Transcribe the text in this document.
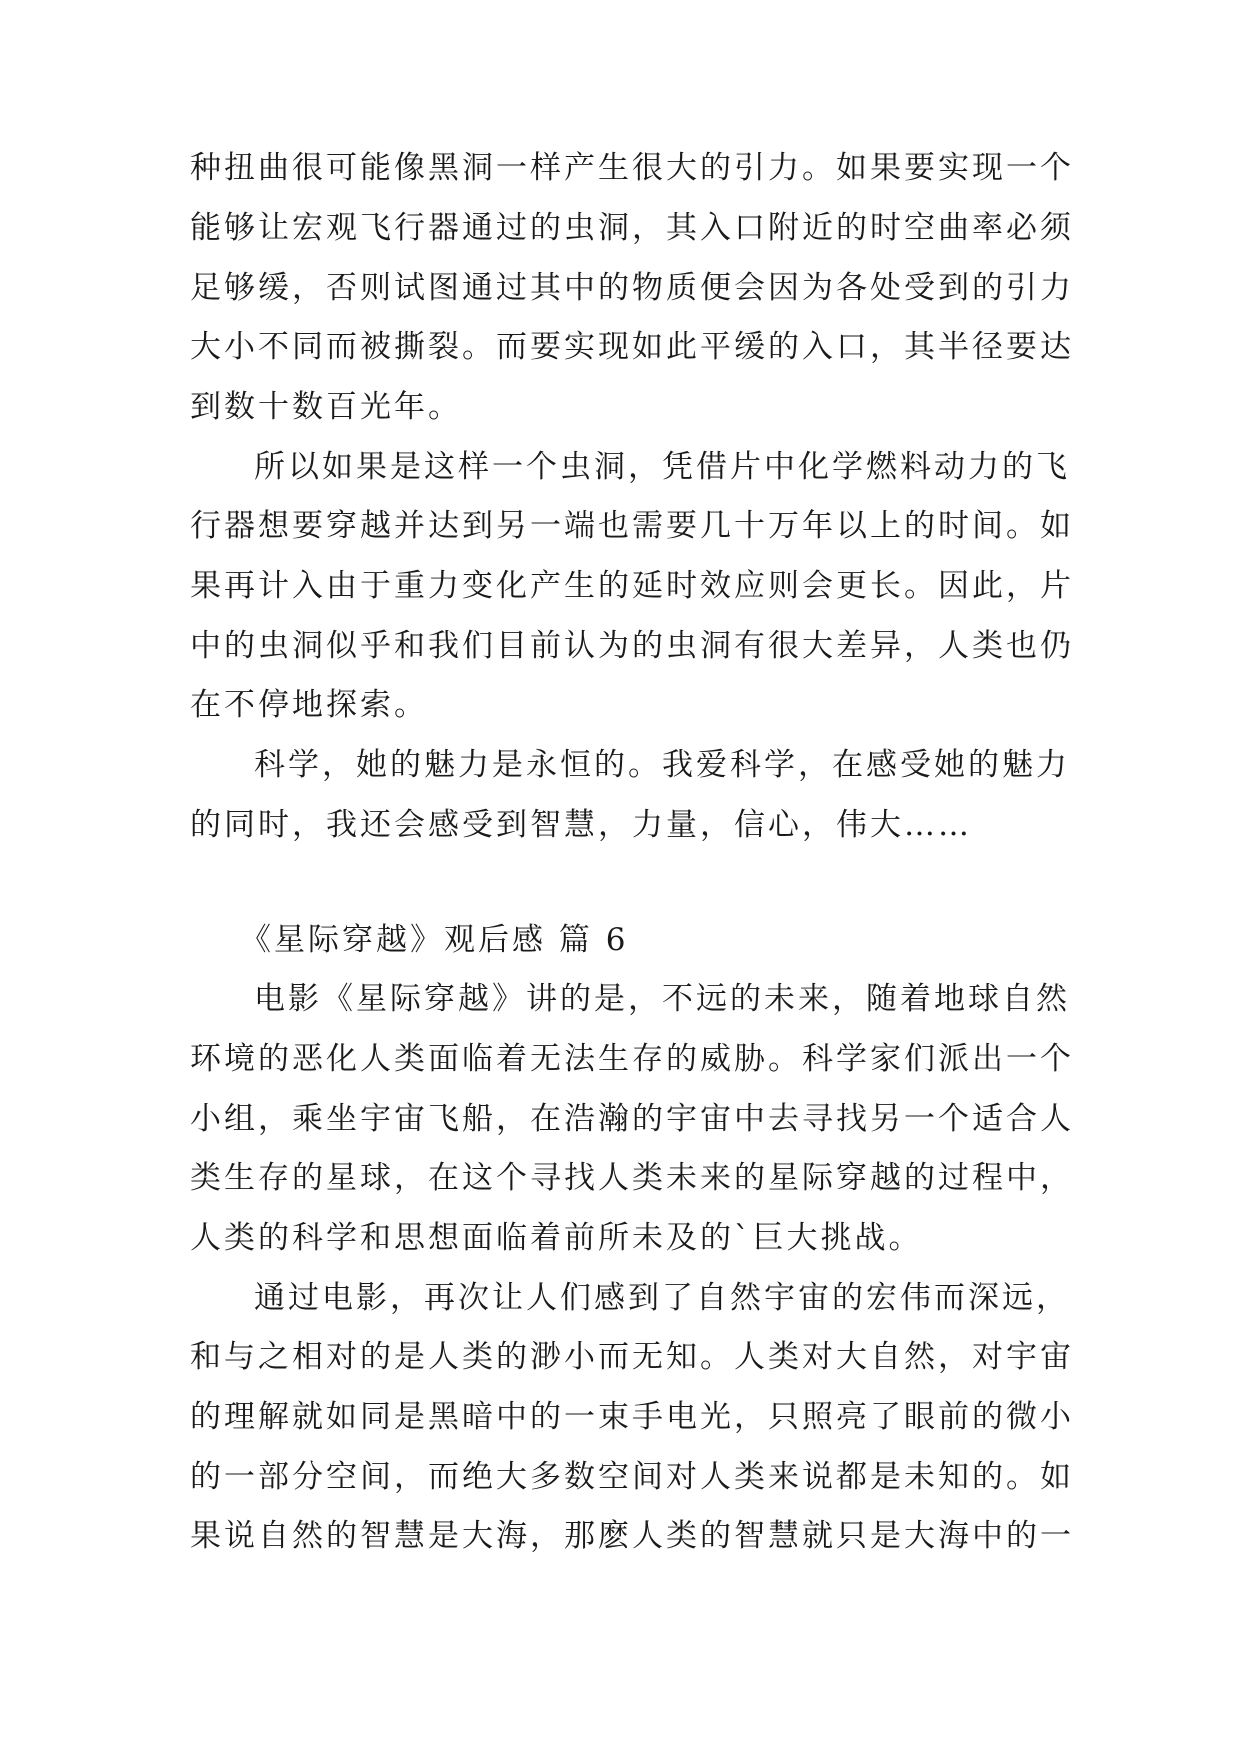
种扭曲很可能像黑洞一样产生很大的引力。如果要实现一个
能够让宏观飞行器通过的虫洞，其入口附近的时空曲率必须
足够缓，否则试图通过其中的物质便会因为各处受到的引力
大小不同而被撕裂。而要实现如此平缓的入口，其半径要达
到数十数百光年。
所以如果是这样一个虫洞，凭借片中化学燃料动力的飞
行器想要穿越并达到另一端也需要几十万年以上的时间。如
果再计入由于重力变化产生的延时效应则会更长。因此，片
中的虫洞似乎和我们目前认为的虫洞有很大差异，人类也仍
在不停地探索。
科学，她的魅力是永恒的。我爱科学，在感受她的魅力
的同时，我还会感受到智慧，力量，信心，伟大……
《星际穿越》观后感 篇 6
电影《星际穿越》讲的是，不远的未来，随着地球自然
环境的恶化人类面临着无法生存的威胁。科学家们派出一个
小组，乘坐宇宙飞船，在浩瀚的宇宙中去寻找另一个适合人
类生存的星球，在这个寻找人类未来的星际穿越的过程中，
人类的科学和思想面临着前所未及的`巨大挑战。
通过电影，再次让人们感到了自然宇宙的宏伟而深远，
和与之相对的是人类的渺小而无知。人类对大自然，对宇宙
的理解就如同是黑暗中的一束手电光，只照亮了眼前的微小
的一部分空间，而绝大多数空间对人类来说都是未知的。如
果说自然的智慧是大海，那麽人类的智慧就只是大海中的一
